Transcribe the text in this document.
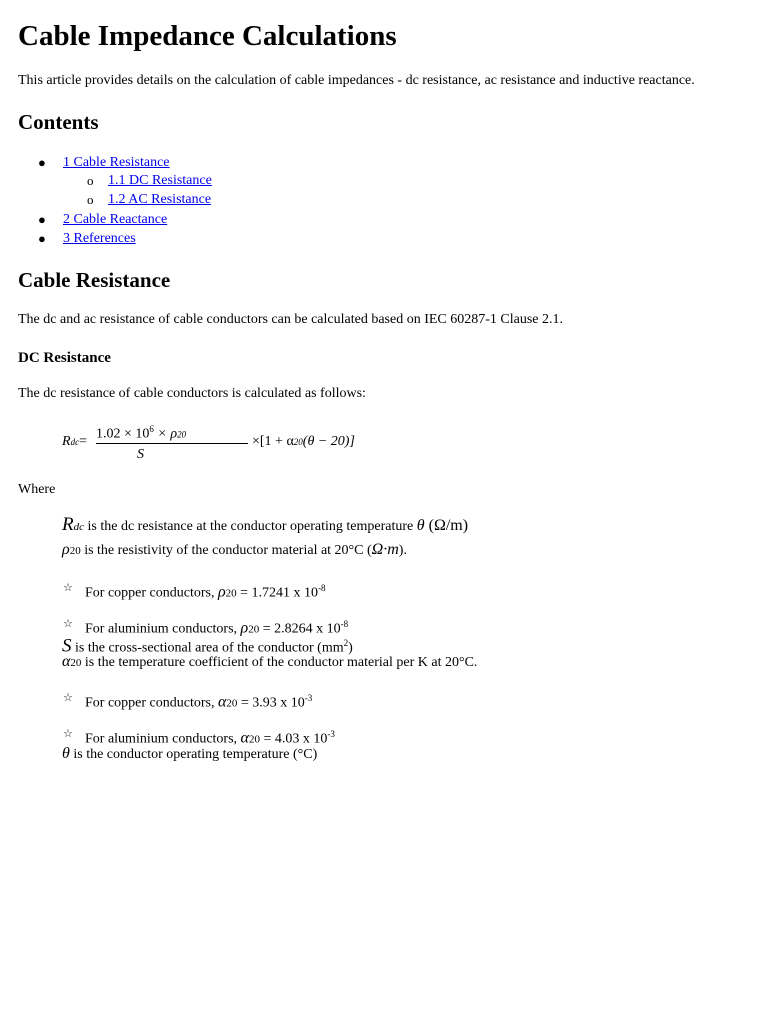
Cable Impedance Calculations
This article provides details on the calculation of cable impedances - dc resistance, ac resistance and inductive reactance.
Contents
● 1 Cable Resistance
o 1.1 DC Resistance
o 1.2 AC Resistance
● 2 Cable Reactance
● 3 References
Cable Resistance
The dc and ac resistance of cable conductors can be calculated based on IEC 60287-1 Clause 2.1.
DC Resistance
The dc resistance of cable conductors is calculated as follows:
$Rdc= 1.02 \times 10^6 \times \rho 20$
S
×[1 + α20(θ − 20)]
Where
Rdc is the dc resistance at the conductor operating temperature θ (Ω/m)
ρ20 is the resistivity of the conductor material at 20°C (Ω·m).
☆ For copper conductors, ρ20 = 1.7241 x $10^{-8}$
☆ For aluminium conductors, ρ20 = 2.8264 x $10^{-8}$
S is the cross-sectional area of the conductor $(mm^2)$
α20 is the temperature coefficient of the conductor material per K at 20°C.
☆ For copper conductors, α20 = 3.93 x $10^{-3}$
☆ For aluminium conductors, α20 = 4.03 x $10^{-3}$
θ is the conductor operating temperature (°C)
